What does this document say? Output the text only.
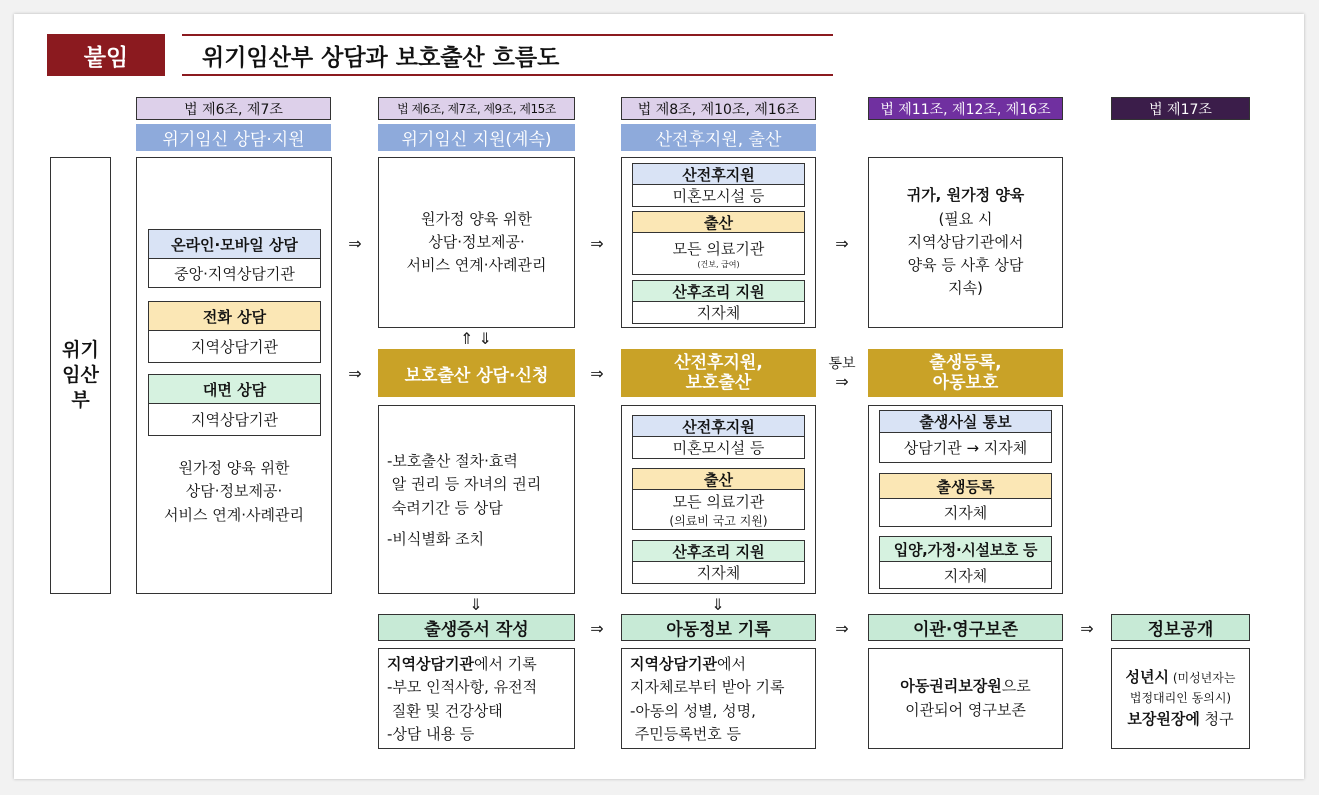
붙임	위기임산부 상담과 보호출산 흐름도
법 제6조, 제7조	법 제6조, 제7조, 제9조, 제15조	법 제8조, 제10조, 제16조	법 제11조, 제12조, 제16조	법 제17조
위기임신 상담·지원	위기임신 지원(계속)	산전후지원, 출산
위기
임산
부
온라인·모바일 상담
중앙·지역상담기관
전화 상담
지역상담기관
대면 상담
지역상담기관
원가정 양육 위한
상담·정보제공·
서비스 연계·사례관리
원가정 양육 위한
상담·정보제공·
서비스 연계·사례관리
⇑ ⇓
보호출산 상담·신청
-보호출산 절차·효력
알 권리 등 자녀의 권리
숙려기간 등 상담
-비식별화 조치
⇓
출생증서 작성
지역상담기관에서 기록
-부모 인적사항, 유전적
질환 및 건강상태
-상담 내용 등
산전후지원
미혼모시설 등
출산
모든 의료기관
(건보, 급여)
산후조리 지원
지자체
산전후지원,
보호출산
산전후지원
미혼모시설 등
출산
모든 의료기관
(의료비 국고 지원)
산후조리 지원
지자체
⇓
아동정보 기록
지역상담기관에서
지자체로부터 받아 기록
-아동의 성별, 성명,
주민등록번호 등
귀가, 원가정 양육
(필요 시
지역상담기관에서
양육 등 사후 상담
지속)
출생등록,
아동보호
출생사실 통보
상담기관 → 지자체
출생등록
지자체
입양,가정·시설보호 등
지자체
이관·영구보존
아동권리보장원으로
이관되어 영구보존
정보공개
성년시 (미성년자는
법정대리인 동의시)
보장원장에 청구
⇒	⇒	⇒
⇒	⇒	통보
⇒
⇒	⇒	⇒
